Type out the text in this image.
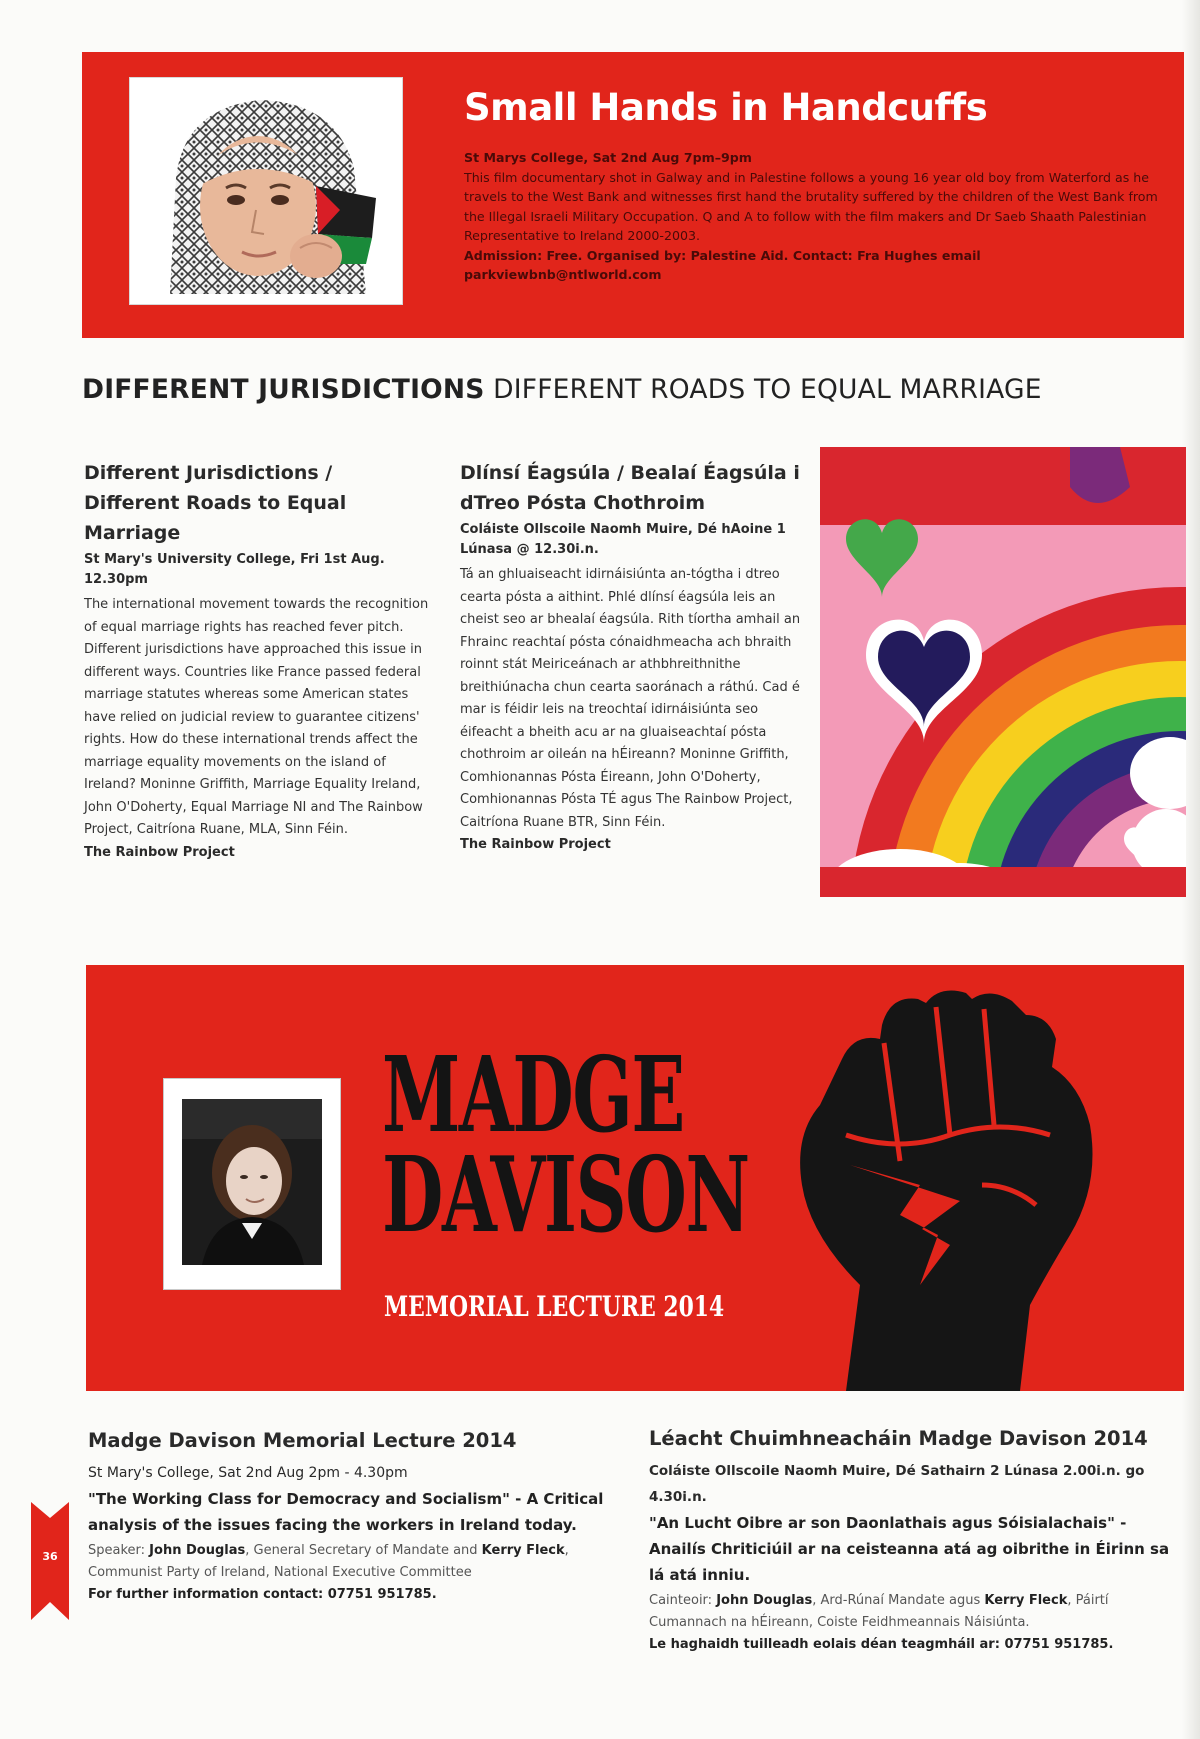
Small Hands in Handcuffs
St Marys College, Sat 2nd Aug 7pm–9pm
This film documentary shot in Galway and in Palestine follows a young 16 year old boy from Waterford as he travels to the West Bank and witnesses first hand the brutality suffered by the children of the West Bank from the Illegal Israeli Military Occupation. Q and A to follow with the film makers and Dr Saeb Shaath Palestinian Representative to Ireland 2000-2003.
Admission: Free. Organised by: Palestine Aid. Contact: Fra Hughes email parkviewbnb@ntlworld.com
DIFFERENT JURISDICTIONS DIFFERENT ROADS TO EQUAL MARRIAGE
Different Jurisdictions / Different Roads to Equal Marriage
St Mary's University College, Fri 1st Aug. 12.30pm
The international movement towards the recognition of equal marriage rights has reached fever pitch. Different jurisdictions have approached this issue in different ways. Countries like France passed federal marriage statutes whereas some American states have relied on judicial review to guarantee citizens' rights. How do these international trends affect the marriage equality movements on the island of Ireland? Moninne Griffith, Marriage Equality Ireland, John O'Doherty, Equal Marriage NI and The Rainbow Project, Caitríona Ruane, MLA, Sinn Féin.
The Rainbow Project
Dlínsí Éagsúla / Bealaí Éagsúla i dTreo Pósta Chothroim
Coláiste Ollscoile Naomh Muire, Dé hAoine 1 Lúnasa @ 12.30i.n.
Tá an ghluaiseacht idirnáisiúnta an-tógtha i dtreo cearta pósta a aithint. Phlé dlínsí éagsúla leis an cheist seo ar bhealaí éagsúla. Rith tíortha amhail an Fhrainc reachtaí pósta cónaidhmeacha ach bhraith roinnt stát Meiriceánach ar athbhreithnithe breithiúnacha chun cearta saoránach a ráthú. Cad é mar is féidir leis na treochtaí idirnáisiúnta seo éifeacht a bheith acu ar na gluaiseachtaí pósta chothroim ar oileán na hÉireann? Moninne Griffith, Comhionannas Pósta Éireann, John O'Doherty, Comhionannas Pósta TÉ agus The Rainbow Project, Caitríona Ruane BTR, Sinn Féin.
The Rainbow Project
MADGE
DAVISON
MEMORIAL LECTURE 2014
Madge Davison Memorial Lecture 2014
St Mary's College, Sat 2nd Aug 2pm - 4.30pm
"The Working Class for Democracy and Socialism" - A Critical analysis of the issues facing the workers in Ireland today.
Speaker: John Douglas, General Secretary of Mandate and Kerry Fleck, Communist Party of Ireland, National Executive Committee
For further information contact: 07751 951785.
Léacht Chuimhneacháin Madge Davison 2014
Coláiste Ollscoile Naomh Muire, Dé Sathairn 2 Lúnasa 2.00i.n. go 4.30i.n.
"An Lucht Oibre ar son Daonlathais agus Sóisialachais" - Anailís Chriticiúil ar na ceisteanna atá ag oibrithe in Éirinn sa lá atá inniu.
Cainteoir: John Douglas, Ard-Rúnaí Mandate agus Kerry Fleck, Páirtí Cumannach na hÉireann, Coiste Feidhmeannais Náisiúnta.
Le haghaidh tuilleadh eolais déan teagmháil ar: 07751 951785.
36
